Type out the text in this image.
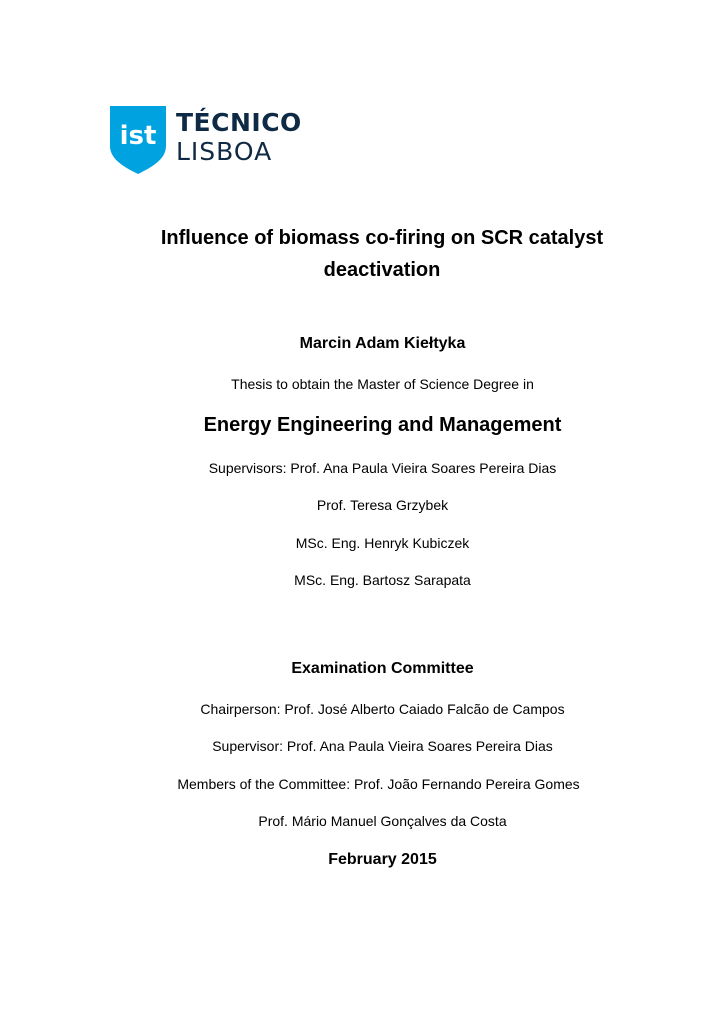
ist TÉCNICO
LISBOA
Influence of biomass co-firing on SCR catalyst deactivation
Marcin Adam Kiełtyka
Thesis to obtain the Master of Science Degree in
Energy Engineering and Management
Supervisors: Prof. Ana Paula Vieira Soares Pereira Dias
Prof. Teresa Grzybek
MSc. Eng. Henryk Kubiczek
MSc. Eng. Bartosz Sarapata
Examination Committee
Chairperson: Prof. José Alberto Caiado Falcão de Campos
Supervisor: Prof. Ana Paula Vieira Soares Pereira Dias
Members of the Committee: Prof. João Fernando Pereira Gomes
Prof. Mário Manuel Gonçalves da Costa
February 2015
